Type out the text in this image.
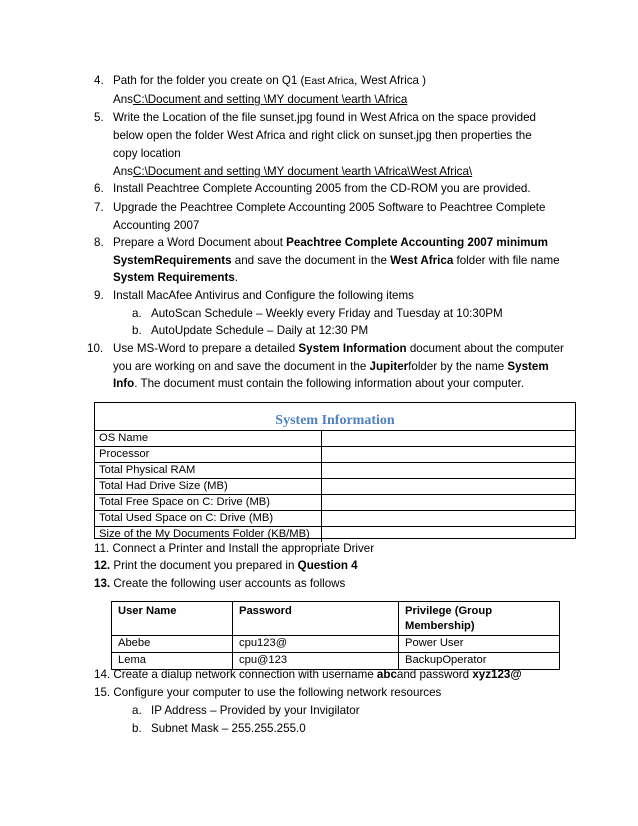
4. Path for the folder you create on Q1 (East Africa, West Africa )
AnsC:\Document and setting \MY document \earth \Africa
5. Write the Location of the file sunset.jpg found in West Africa on the space provided
below open the folder West Africa and right click on sunset.jpg then properties the
copy location
AnsC:\Document and setting \MY document \earth \Africa\West Africa\
6. Install Peachtree Complete Accounting 2005 from the CD-ROM you are provided.
7. Upgrade the Peachtree Complete Accounting 2005 Software to Peachtree Complete
Accounting 2007
8. Prepare a Word Document about Peachtree Complete Accounting 2007 minimum
SystemRequirements and save the document in the West Africa folder with file name
System Requirements.
9. Install MacAfee Antivirus and Configure the following items
a. AutoScan Schedule – Weekly every Friday and Tuesday at 10:30PM
b. AutoUpdate Schedule – Daily at 12:30 PM
10. Use MS-Word to prepare a detailed System Information document about the computer
you are working on and save the document in the Jupiterfolder by the name System
Info. The document must contain the following information about your computer.
System Information
OS Name	
Processor	
Total Physical RAM	
Total Had Drive Size (MB)	
Total Free Space on C: Drive (MB)	
Total Used Space on C: Drive (MB)	
Size of the My Documents Folder (KB/MB)	
11. Connect a Printer and Install the appropriate Driver
12. Print the document you prepared in Question 4
13. Create the following user accounts as follows
User Name	Password	Privilege (Group
Membership)
Abebe	cpu123@	Power User
Lema	cpu@123	BackupOperator
14. Create a dialup network connection with username abcand password xyz123@
15. Configure your computer to use the following network resources
a. IP Address – Provided by your Invigilator
b. Subnet Mask – 255.255.255.0
